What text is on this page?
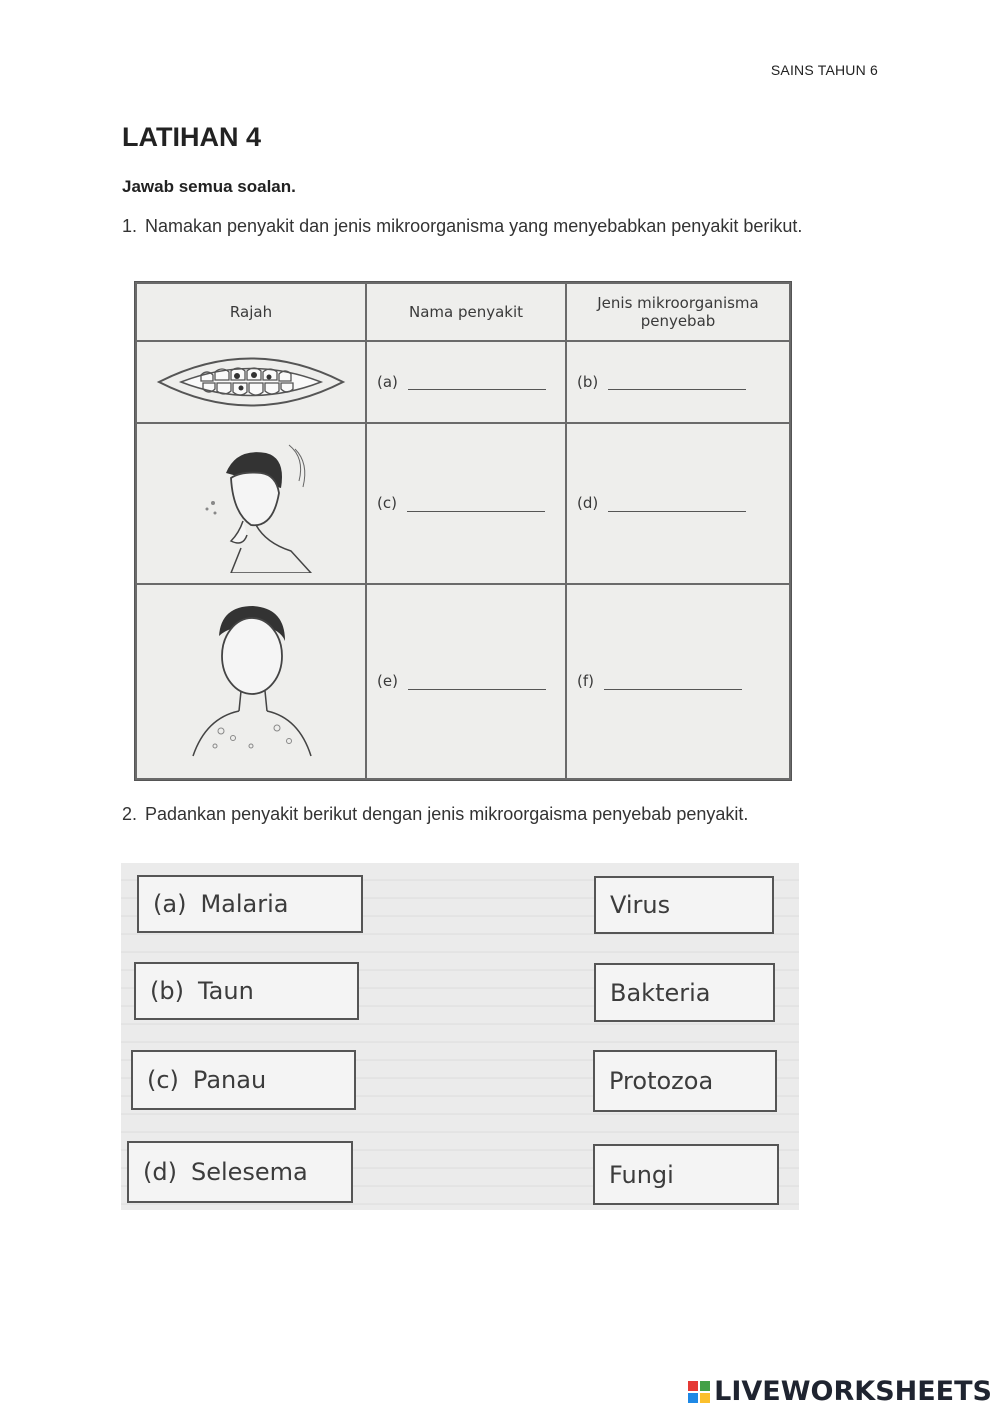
SAINS TAHUN 6
LATIHAN 4
Jawab semua soalan.
1. Namakan penyakit dan jenis mikroorganisma yang menyebabkan penyakit berikut.
Rajah	Nama penyakit	Jenis mikroorganisma penyebab

(a)	(b)

(c)	(d)

(e)	(f)
2. Padankan penyakit berikut dengan jenis mikroorgaisma penyebab penyakit.
(a) Malaria
(b) Taun
(c) Panau
(d) Selesema
Virus
Bakteria
Protozoa
Fungi
LIVEWORKSHEETS
